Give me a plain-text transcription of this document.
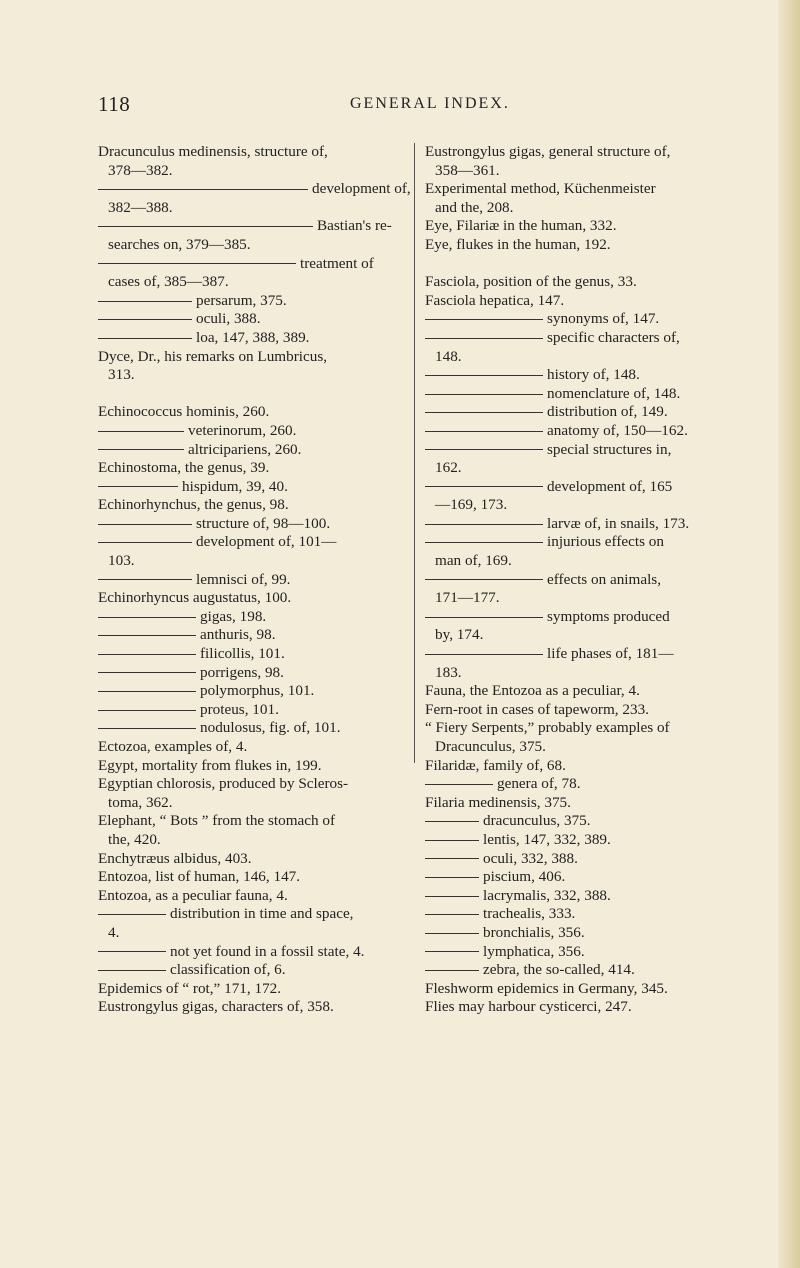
118	GENERAL INDEX.
Dracunculus medinensis, structure of,
378—382.
development of,
382—388.
Bastian's re-
searches on, 379—385.
treatment of
cases of, 385—387.
persarum, 375.
oculi, 388.
loa, 147, 388, 389.
Dyce, Dr., his remarks on Lumbricus,
313.
Echinococcus hominis, 260.
veterinorum, 260.
altricipariens, 260.
Echinostoma, the genus, 39.
hispidum, 39, 40.
Echinorhynchus, the genus, 98.
structure of, 98—100.
development of, 101—
103.
lemnisci of, 99.
Echinorhyncus augustatus, 100.
gigas, 198.
anthuris, 98.
filicollis, 101.
porrigens, 98.
polymorphus, 101.
proteus, 101.
nodulosus, fig. of, 101.
Ectozoa, examples of, 4.
Egypt, mortality from flukes in, 199.
Egyptian chlorosis, produced by Scleros-
toma, 362.
Elephant, “ Bots ” from the stomach of
the, 420.
Enchytræus albidus, 403.
Entozoa, list of human, 146, 147.
Entozoa, as a peculiar fauna, 4.
distribution in time and space,
4.
not yet found in a fossil state, 4.
classification of, 6.
Epidemics of “ rot,” 171, 172.
Eustrongylus gigas, characters of, 358.
Eustrongylus gigas, general structure of,
358—361.
Experimental method, Küchenmeister
and the, 208.
Eye, Filariæ in the human, 332.
Eye, flukes in the human, 192.
Fasciola, position of the genus, 33.
Fasciola hepatica, 147.
synonyms of, 147.
specific characters of,
148.
history of, 148.
nomenclature of, 148.
distribution of, 149.
anatomy of, 150—162.
special structures in,
162.
development of, 165
—169, 173.
larvæ of, in snails, 173.
injurious effects on
man of, 169.
effects on animals,
171—177.
symptoms produced
by, 174.
life phases of, 181—
183.
Fauna, the Entozoa as a peculiar, 4.
Fern-root in cases of tapeworm, 233.
“ Fiery Serpents,” probably examples of
Dracunculus, 375.
Filaridæ, family of, 68.
genera of, 78.
Filaria medinensis, 375.
dracunculus, 375.
lentis, 147, 332, 389.
oculi, 332, 388.
piscium, 406.
lacrymalis, 332, 388.
trachealis, 333.
bronchialis, 356.
lymphatica, 356.
zebra, the so-called, 414.
Fleshworm epidemics in Germany, 345.
Flies may harbour cysticerci, 247.
